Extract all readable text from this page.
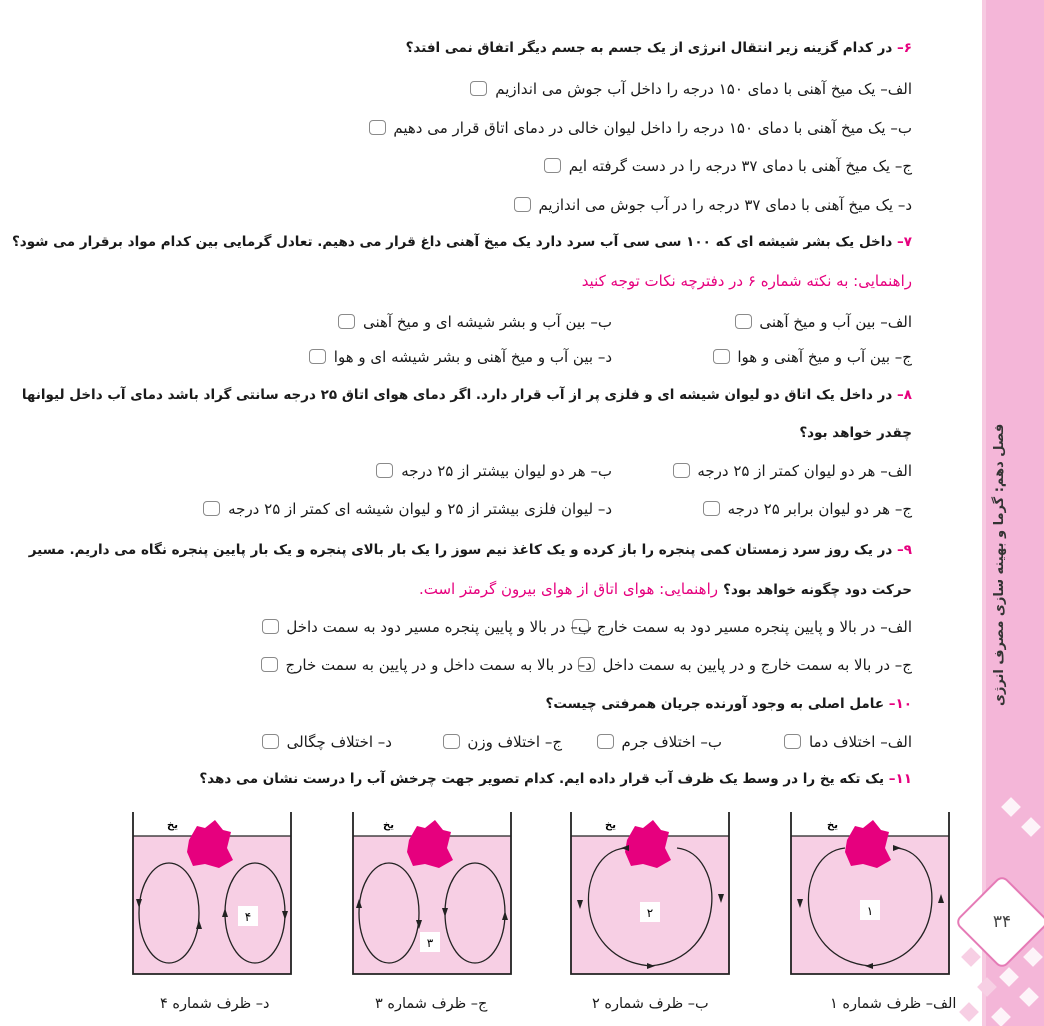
۶– در کدام گزینه زیر انتقال انرژی از یک جسم به جسم دیگر اتفاق نمی افتد؟
الف– یک میخ آهنی با دمای ۱۵۰ درجه را داخل آب جوش می اندازیم
ب– یک میخ آهنی با دمای ۱۵۰ درجه را داخل لیوان خالی در دمای اتاق قرار می دهیم
ج– یک میخ آهنی با دمای ۳۷ درجه را در دست گرفته ایم
د– یک میخ آهنی با دمای ۳۷ درجه را در آب جوش می اندازیم
۷– داخل یک بشر شیشه ای که ۱۰۰ سی سی آب سرد دارد یک میخ آهنی داغ قرار می دهیم. تعادل گرمایی بین کدام مواد برقرار می شود؟
راهنمایی: به نکته شماره ۶ در دفترچه نکات توجه کنید
الف– بین آب و میخ آهنی
ب– بین آب و بشر شیشه ای و میخ آهنی
ج– بین آب و میخ آهنی و هوا
د– بین آب و میخ آهنی و بشر شیشه ای و هوا
۸– در داخل یک اتاق دو لیوان شیشه ای و فلزی پر از آب قرار دارد. اگر دمای هوای اتاق ۲۵ درجه سانتی گراد باشد دمای آب داخل لیوانها
چقدر خواهد بود؟
الف– هر دو لیوان کمتر از ۲۵ درجه
ب– هر دو لیوان بیشتر از ۲۵ درجه
ج– هر دو لیوان برابر ۲۵ درجه
د– لیوان فلزی بیشتر از ۲۵ و لیوان شیشه ای کمتر از ۲۵ درجه
۹– در یک روز سرد زمستان کمی پنجره را باز کرده و یک کاغذ نیم سوز را یک بار بالای پنجره و یک بار پایین پنجره نگاه می داریم. مسیر
حرکت دود چگونه خواهد بود؟ راهنمایی: هوای اتاق از هوای بیرون گرمتر است.
الف– در بالا و پایین پنجره مسیر دود به سمت خارج
ب– در بالا و پایین پنجره مسیر دود به سمت داخل
ج– در بالا به سمت خارج و در پایین به سمت داخل
د– در بالا به سمت داخل و در پایین به سمت خارج
۱۰– عامل اصلی به وجود آورنده جریان همرفتی چیست؟
الف– اختلاف دما
ب– اختلاف جرم
ج– اختلاف وزن
د– اختلاف چگالی
۱۱– یک تکه یخ را در وسط یک ظرف آب قرار داده ایم. کدام تصویر جهت چرخش آب را درست نشان می دهد؟
یخ
۱
یخ
۲
یخ
۳
یخ
۴
الف– ظرف شماره ۱
ب– ظرف شماره ۲
ج– ظرف شماره ۳
د– ظرف شماره ۴
فصل دهم: گرما و بهینه سازی مصرف انرژی
۳۴
